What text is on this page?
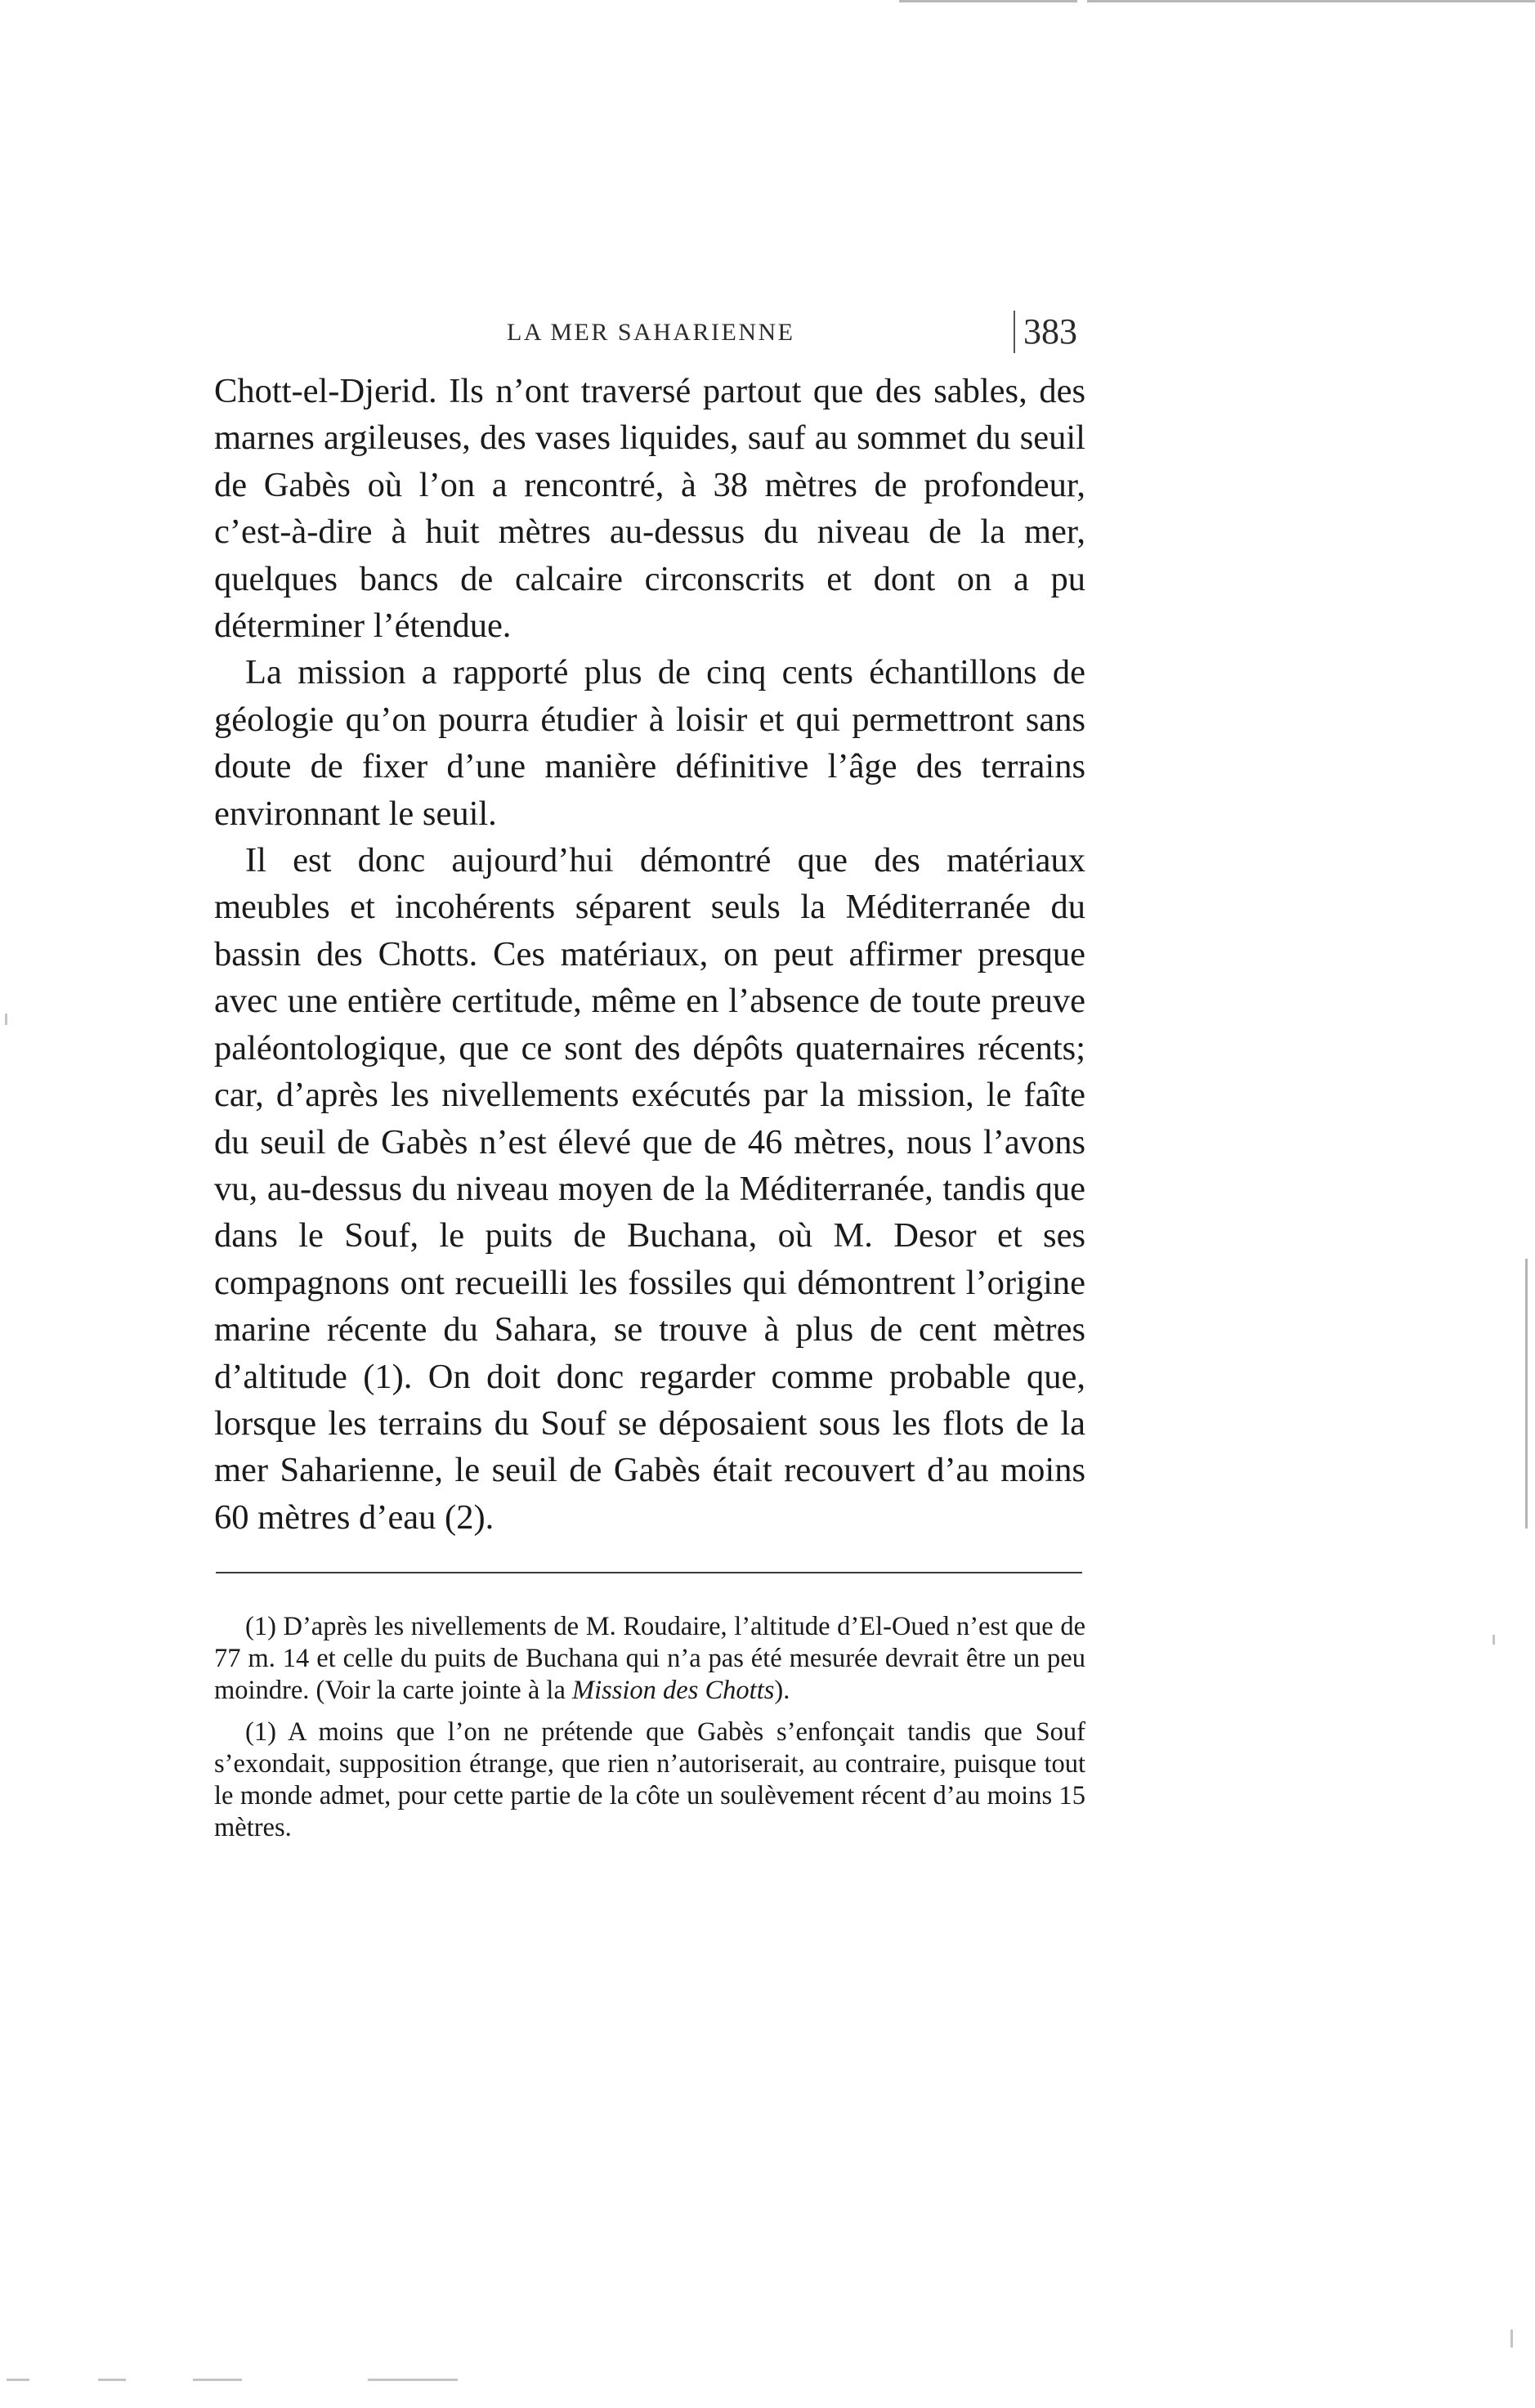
LA MER SAHARIENNE	383

Chott-el-Djerid. Ils n’ont traversé partout que des sables, des marnes argileuses, des vases liquides, sauf au sommet du seuil de Gabès où l’on a rencontré, à 38 mètres de profondeur, c’est-à-dire à huit mètres au-dessus du niveau de la mer, quelques bancs de calcaire circonscrits et dont on a pu déterminer l’étendue.

La mission a rapporté plus de cinq cents échantillons de géologie qu’on pourra étudier à loisir et qui permettront sans doute de fixer d’une manière définitive l’âge des terrains environnant le seuil.

Il est donc aujourd’hui démontré que des matériaux meubles et incohérents séparent seuls la Méditerranée du bassin des Chotts. Ces matériaux, on peut affirmer presque avec une entière certitude, même en l’absence de toute preuve paléontologique, que ce sont des dépôts quaternaires récents; car, d’après les nivellements exécutés par la mission, le faîte du seuil de Gabès n’est élevé que de 46 mètres, nous l’avons vu, au-dessus du niveau moyen de la Méditerranée, tandis que dans le Souf, le puits de Buchana, où M. Desor et ses compagnons ont recueilli les fossiles qui démontrent l’origine marine récente du Sahara, se trouve à plus de cent mètres d’altitude (1). On doit donc regarder comme probable que, lorsque les terrains du Souf se déposaient sous les flots de la mer Saharienne, le seuil de Gabès était recouvert d’au moins 60 mètres d’eau (2).

(1) D’après les nivellements de M. Roudaire, l’altitude d’El-Oued n’est que de 77 m. 14 et celle du puits de Buchana qui n’a pas été mesurée devrait être un peu moindre. (Voir la carte jointe à la Mission des Chotts).

(1) A moins que l’on ne prétende que Gabès s’enfonçait tandis que Souf s’exondait, supposition étrange, que rien n’autoriserait, au contraire, puisque tout le monde admet, pour cette partie de la côte un soulèvement récent d’au moins 15 mètres.
